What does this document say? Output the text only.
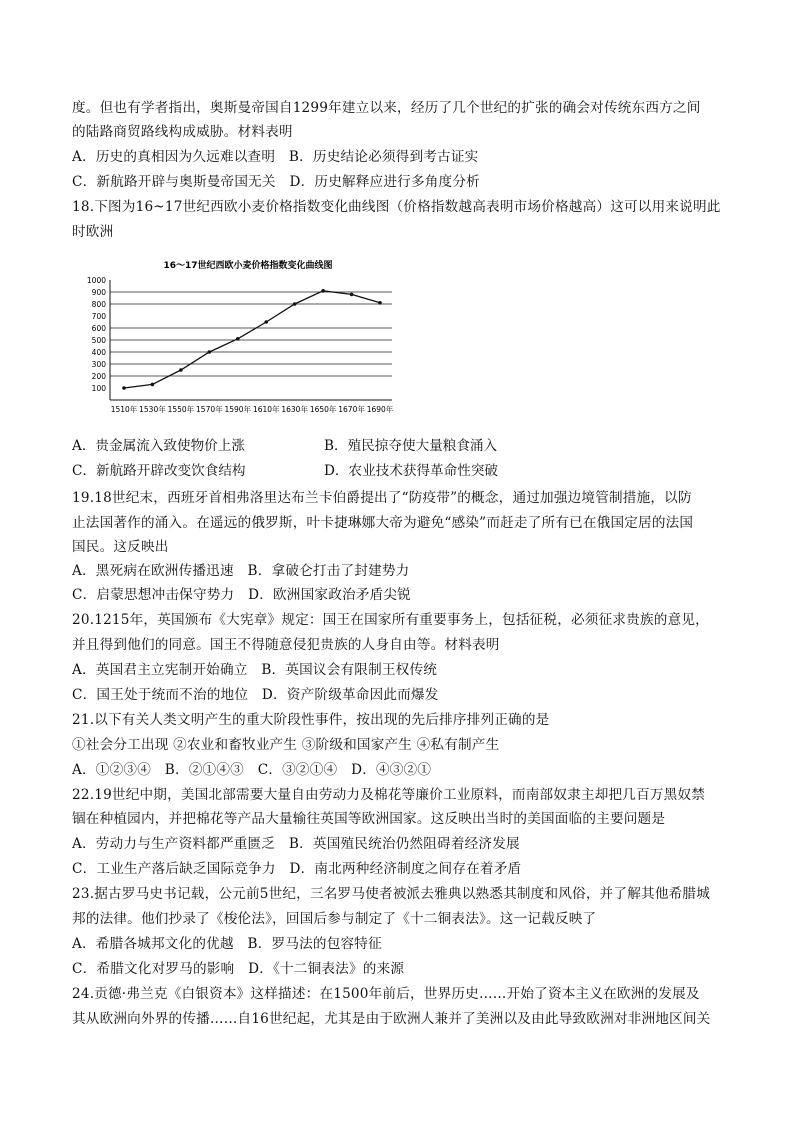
度。但也有学者指出，奥斯曼帝国自1299年建立以来，经历了几个世纪的扩张的确会对传统东西方之间
的陆路商贸路线构成威胁。材料表明
A．历史的真相因为久远难以查明　B．历史结论必须得到考古证实
C．新航路开辟与奥斯曼帝国无关　D．历史解释应进行多角度分析
18.下图为16~17世纪西欧小麦价格指数变化曲线图（价格指数越高表明市场价格越高）这可以用来说明此
时欧洲
16～17世纪西欧小麦价格指数变化曲线图
100
200
300
400
500
600
700
800
900
1000
1510年 1530年 1550年 1570年 1590年 1610年 1630年 1650年 1670年 1690年
A．贵金属流入致使物价上涨	B．殖民掠夺使大量粮食涌入
C．新航路开辟改变饮食结构	D．农业技术获得革命性突破
19.18世纪末，西班牙首相弗洛里达布兰卡伯爵提出了“防疫带”的概念，通过加强边境管制措施，以防
止法国著作的涌入。在遥远的俄罗斯，叶卡捷琳娜大帝为避免“感染”而赶走了所有已在俄国定居的法国
国民。这反映出
A．黑死病在欧洲传播迅速　B．拿破仑打击了封建势力
C．启蒙思想冲击保守势力　D．欧洲国家政治矛盾尖锐
20.1215年，英国颁布《大宪章》规定：国王在国家所有重要事务上，包括征税，必须征求贵族的意见，
并且得到他们的同意。国王不得随意侵犯贵族的人身自由等。材料表明
A．英国君主立宪制开始确立　B．英国议会有限制王权传统
C．国王处于统而不治的地位　D．资产阶级革命因此而爆发
21.以下有关人类文明产生的重大阶段性事件，按出现的先后排序排列正确的是
①社会分工出现 ②农业和畜牧业产生 ③阶级和国家产生 ④私有制产生
A．①②③④　B．②①④③　C．③②①④　D．④③②①
22.19世纪中期，美国北部需要大量自由劳动力及棉花等廉价工业原料，而南部奴隶主却把几百万黑奴禁
锢在种植园内，并把棉花等产品大量输往英国等欧洲国家。这反映出当时的美国面临的主要问题是
A．劳动力与生产资料都严重匮乏　B．英国殖民统治仍然阻碍着经济发展
C．工业生产落后缺乏国际竞争力　D．南北两种经济制度之间存在着矛盾
23.据古罗马史书记载，公元前5世纪，三名罗马使者被派去雅典以熟悉其制度和风俗，并了解其他希腊城
邦的法律。他们抄录了《梭伦法》，回国后参与制定了《十二铜表法》。这一记载反映了
A．希腊各城邦文化的优越　B．罗马法的包容特征
C．希腊文化对罗马的影响　D．《十二铜表法》的来源
24.贡德·弗兰克《白银资本》这样描述：在1500年前后，世界历史……开始了资本主义在欧洲的发展及
其从欧洲向外界的传播……自16世纪起，尤其是由于欧洲人兼并了美洲以及由此导致欧洲对非洲地区间关
